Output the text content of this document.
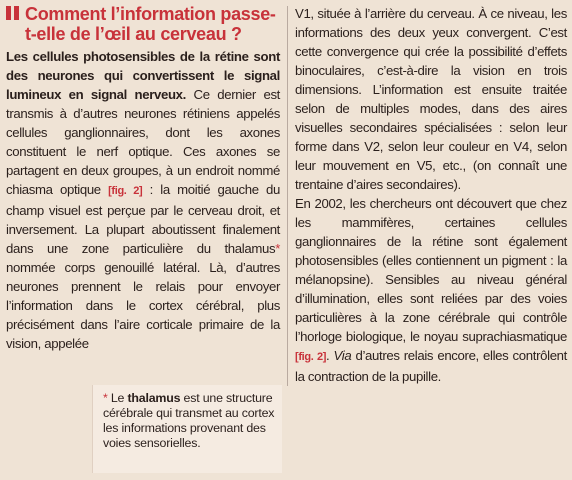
Comment l’information passe-t-elle de l’œil au cerveau ?

Les cellules photosensibles de la rétine sont des neurones qui convertissent le signal lumineux en signal nerveux. Ce dernier est transmis à d’autres neurones rétiniens appelés cellules ganglionnaires, dont les axones constituent le nerf optique. Ces axones se partagent en deux groupes, à un endroit nommé chiasma optique [fig. 2] : la moitié gauche du champ visuel est perçue par le cerveau droit, et inversement. La plupart aboutissent finalement dans une zone particulière du thalamus* nommée corps genouillé latéral. Là, d’autres neurones prennent le relais pour envoyer l’information dans le cortex cérébral, plus précisément dans l’aire corticale primaire de la vision, appelée

V1, située à l’arrière du cerveau. À ce niveau, les informations des deux yeux convergent. C’est cette convergence qui crée la possibilité d’effets binoculaires, c’est-à-dire la vision en trois dimensions. L’information est ensuite traitée selon de multiples modes, dans des aires visuelles secondaires spécialisées : selon leur forme dans V2, selon leur couleur en V4, selon leur mouvement en V5, etc., (on connaît une trentaine d’aires secondaires).

En 2002, les chercheurs ont découvert que chez les mammifères, certaines cellules ganglionnaires de la rétine sont également photosensibles (elles contiennent un pigment : la mélanopsine). Sensibles au niveau général d’illumination, elles sont reliées par des voies particulières à la zone cérébrale qui contrôle l’horloge biologique, le noyau suprachiasmatique [fig. 2]. Via d’autres relais encore, elles contrôlent la contraction de la pupille.

* Le thalamus est une structure cérébrale qui transmet au cortex les informations provenant des voies sensorielles.
